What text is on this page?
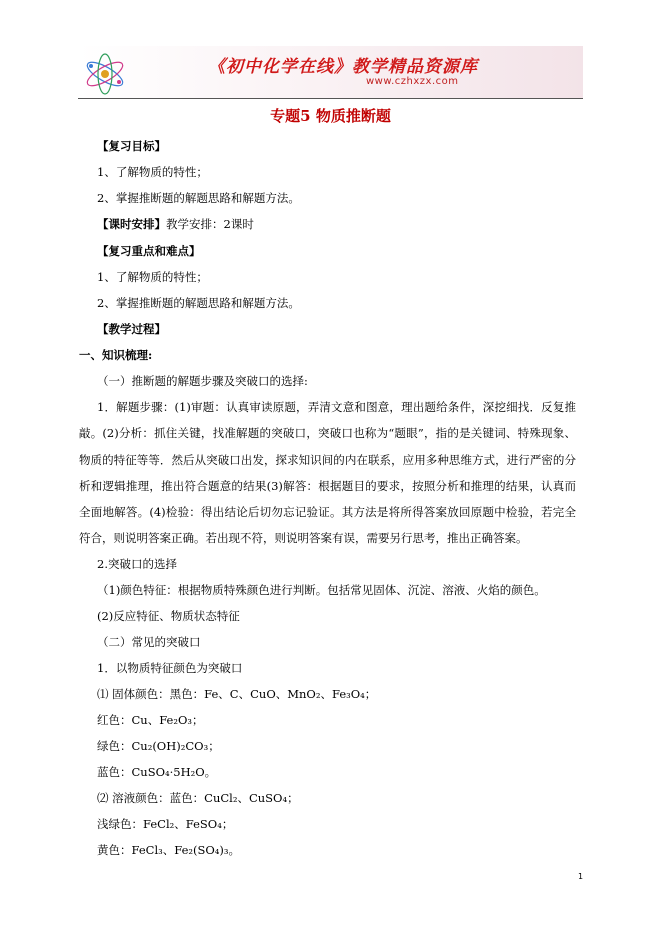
《初中化学在线》教学精品资源库
www.czhxzx.com
专题5 物质推断题
【复习目标】
1、了解物质的特性；
2、掌握推断题的解题思路和解题方法。
【课时安排】教学安排：2课时
【复习重点和难点】
1、了解物质的特性；
2、掌握推断题的解题思路和解题方法。
【教学过程】
一、知识梳理:
（一）推断题的解题步骤及突破口的选择:
1．解题步骤：(1)审题：认真审读原题，弄清文意和图意，理出题给条件，深挖细找．反复推敲。(2)分析：抓住关键，找准解题的突破口，突破口也称为“题眼”，指的是关键词、特殊现象、物质的特征等等．然后从突破口出发，探求知识间的内在联系，应用多种思维方式，进行严密的分析和逻辑推理，推出符合题意的结果(3)解答：根据题目的要求，按照分析和推理的结果，认真而全面地解答。(4)检验：得出结论后切勿忘记验证。其方法是将所得答案放回原题中检验，若完全符合，则说明答案正确。若出现不符，则说明答案有误，需要另行思考，推出正确答案。
2.突破口的选择
（1)颜色特征：根据物质特殊颜色进行判断。包括常见固体、沉淀、溶液、火焰的颜色。
(2)反应特征、物质状态特征
（二）常见的突破口
1．以物质特征颜色为突破口
⑴ 固体颜色：黑色：Fe、C、CuO、MnO₂、Fe₃O₄；
红色：Cu、Fe₂O₃；
绿色：Cu₂(OH)₂CO₃；
蓝色：CuSO₄·5H₂O。
⑵ 溶液颜色：蓝色：CuCl₂、CuSO₄；
浅绿色：FeCl₂、FeSO₄；
黄色：FeCl₃、Fe₂(SO₄)₃。
1
